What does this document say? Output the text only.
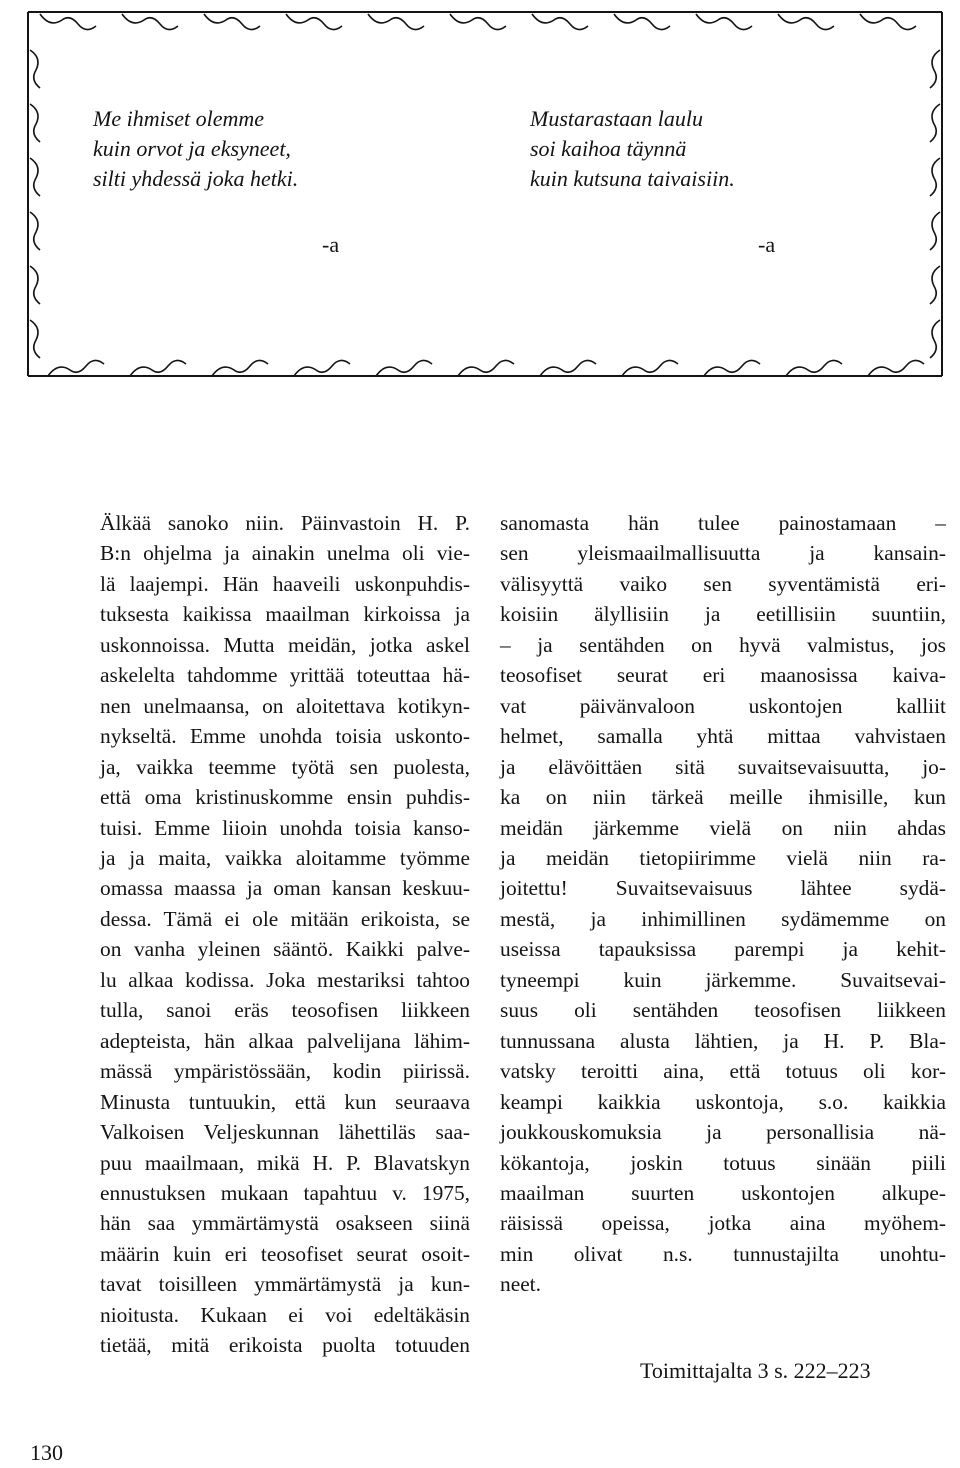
Me ihmiset olemme
kuin orvot ja eksyneet,
silti yhdessä joka hetki.
-a
Mustarastaan laulu
soi kaihoa täynnä
kuin kutsuna taivaisiin.
-a
Älkää sanoko niin. Päinvastoin H. P.
B:n ohjelma ja ainakin unelma oli vie-
lä laajempi. Hän haaveili uskonpuhdis-
tuksesta kaikissa maailman kirkoissa ja
uskonnoissa. Mutta meidän, jotka askel
askelelta tahdomme yrittää toteuttaa hä-
nen unelmaansa, on aloitettava kotikyn-
nykseltä. Emme unohda toisia uskonto-
ja, vaikka teemme työtä sen puolesta,
että oma kristinuskomme ensin puhdis-
tuisi. Emme liioin unohda toisia kanso-
ja ja maita, vaikka aloitamme työmme
omassa maassa ja oman kansan keskuu-
dessa. Tämä ei ole mitään erikoista, se
on vanha yleinen sääntö. Kaikki palve-
lu alkaa kodissa. Joka mestariksi tahtoo
tulla, sanoi eräs teosofisen liikkeen
adepteista, hän alkaa palvelijana lähim-
mässä ympäristössään, kodin piirissä.
Minusta tuntuukin, että kun seuraava
Valkoisen Veljeskunnan lähettiläs saa-
puu maailmaan, mikä H. P. Blavatskyn
ennustuksen mukaan tapahtuu v. 1975,
hän saa ymmärtämystä osakseen siinä
määrin kuin eri teosofiset seurat osoit-
tavat toisilleen ymmärtämystä ja kun-
nioitusta. Kukaan ei voi edeltäkäsin
tietää, mitä erikoista puolta totuuden
sanomasta hän tulee painostamaan –
sen yleismaailmallisuutta ja kansain-
välisyyttä vaiko sen syventämistä eri-
koisiin älyllisiin ja eetillisiin suuntiin,
– ja sentähden on hyvä valmistus, jos
teosofiset seurat eri maanosissa kaiva-
vat päivänvaloon uskontojen kalliit
helmet, samalla yhtä mittaa vahvistaen
ja elävöittäen sitä suvaitsevaisuutta, jo-
ka on niin tärkeä meille ihmisille, kun
meidän järkemme vielä on niin ahdas
ja meidän tietopiirimme vielä niin ra-
joitettu! Suvaitsevaisuus lähtee sydä-
mestä, ja inhimillinen sydämemme on
useissa tapauksissa parempi ja kehit-
tyneempi kuin järkemme. Suvaitsevai-
suus oli sentähden teosofisen liikkeen
tunnussana alusta lähtien, ja H. P. Bla-
vatsky teroitti aina, että totuus oli kor-
keampi kaikkia uskontoja, s.o. kaikkia
joukkouskomuksia ja personallisia nä-
kökantoja, joskin totuus sinään piili
maailman suurten uskontojen alkupe-
räisissä opeissa, jotka aina myöhem-
min olivat n.s. tunnustajilta unohtu-
neet.
Toimittajalta 3 s. 222–223
130
